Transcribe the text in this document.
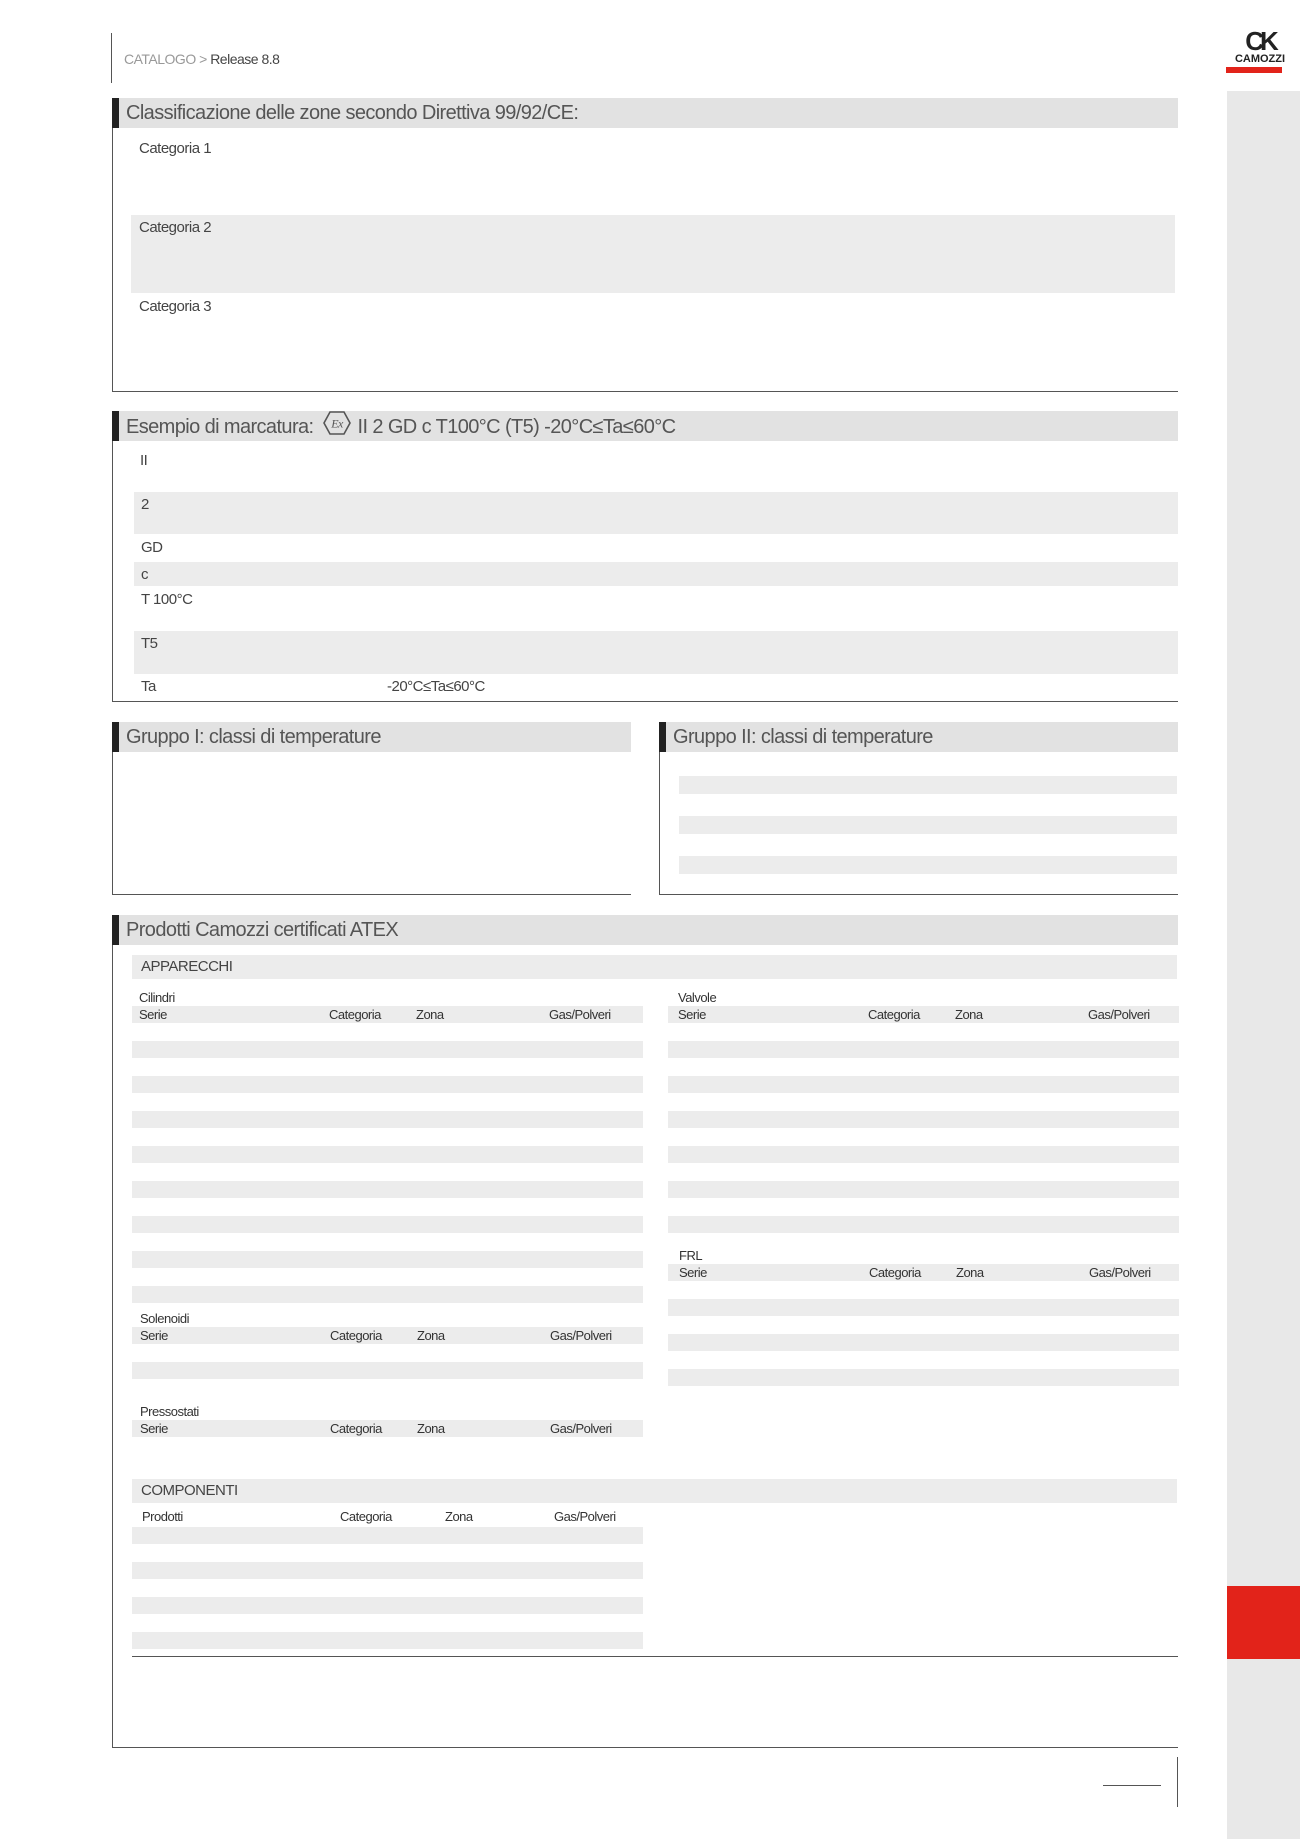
CK
CAMOZZI
CATALOGO > Release 8.8
Classificazione delle zone secondo Direttiva 99/92/CE:
Categoria 1
Categoria 2
Categoria 3
Esempio di marcatura: Ex II 2 GD c T100°C (T5) -20°C≤Ta≤60°C
II
2
GD
c
T 100°C
T5
Ta	-20°C≤Ta≤60°C
Gruppo I: classi di temperature	Gruppo II: classi di temperature
Prodotti Camozzi certificati ATEX
APPARECCHI
Cilindri
Serie	Categoria	Zona	Gas/Polveri
Solenoidi
Serie	Categoria	Zona	Gas/Polveri
Pressostati
Serie	Categoria	Zona	Gas/Polveri
Valvole
Serie	Categoria	Zona	Gas/Polveri
FRL
Serie	Categoria	Zona	Gas/Polveri
COMPONENTI
Prodotti	Categoria	Zona	Gas/Polveri
